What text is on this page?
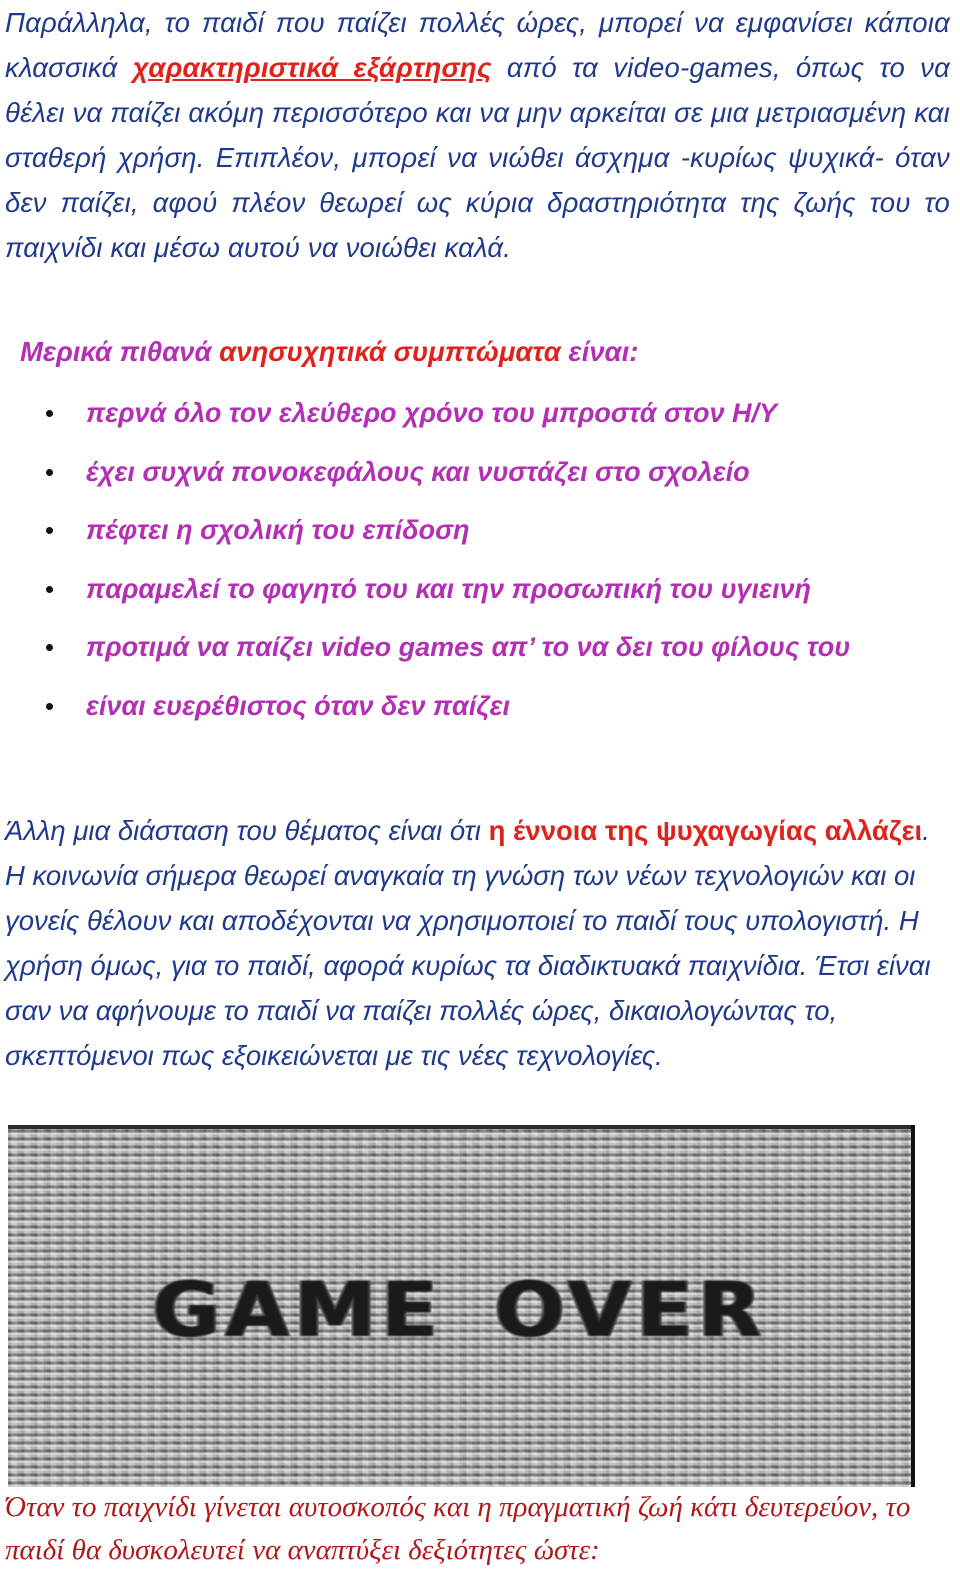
Παράλληλα, το παιδί που παίζει πολλές ώρες, μπορεί να εμφανίσει κάποια κλασσικά χαρακτηριστικά εξάρτησης από τα video-games, όπως το να θέλει να παίζει ακόμη περισσότερο και να μην αρκείται σε μια μετριασμένη και σταθερή χρήση. Επιπλέον, μπορεί να νιώθει άσχημα -κυρίως ψυχικά- όταν δεν παίζει, αφού πλέον θεωρεί ως κύρια δραστηριότητα της ζωής του το παιχνίδι και μέσω αυτού να νοιώθει καλά.
Μερικά πιθανά ανησυχητικά συμπτώματα είναι:
περνά όλο τον ελεύθερο χρόνο του μπροστά στον Η/Υ
έχει συχνά πονοκεφάλους και νυστάζει στο σχολείο
πέφτει η σχολική του επίδοση
παραμελεί το φαγητό του και την προσωπική του υγιεινή
προτιμά να παίζει video games απ’ το να δει του φίλους του
είναι ευερέθιστος όταν δεν παίζει
Άλλη μια διάσταση του θέματος είναι ότι η έννοια της ψυχαγωγίας αλλάζει. Η κοινωνία σήμερα θεωρεί αναγκαία τη γνώση των νέων τεχνολογιών και οι γονείς θέλουν και αποδέχονται να χρησιμοποιεί το παιδί τους υπολογιστή. Η χρήση όμως, για το παιδί, αφορά κυρίως τα διαδικτυακά παιχνίδια. Έτσι είναι σαν να αφήνουμε το παιδί να παίζει πολλές ώρες, δικαιολογώντας το, σκεπτόμενοι πως εξοικειώνεται με τις νέες τεχνολογίες.
GAME OVER
Όταν το παιχνίδι γίνεται αυτοσκοπός και η πραγματική ζωή κάτι δευτερεύον, το παιδί θα δυσκολευτεί να αναπτύξει δεξιότητες ώστε:
